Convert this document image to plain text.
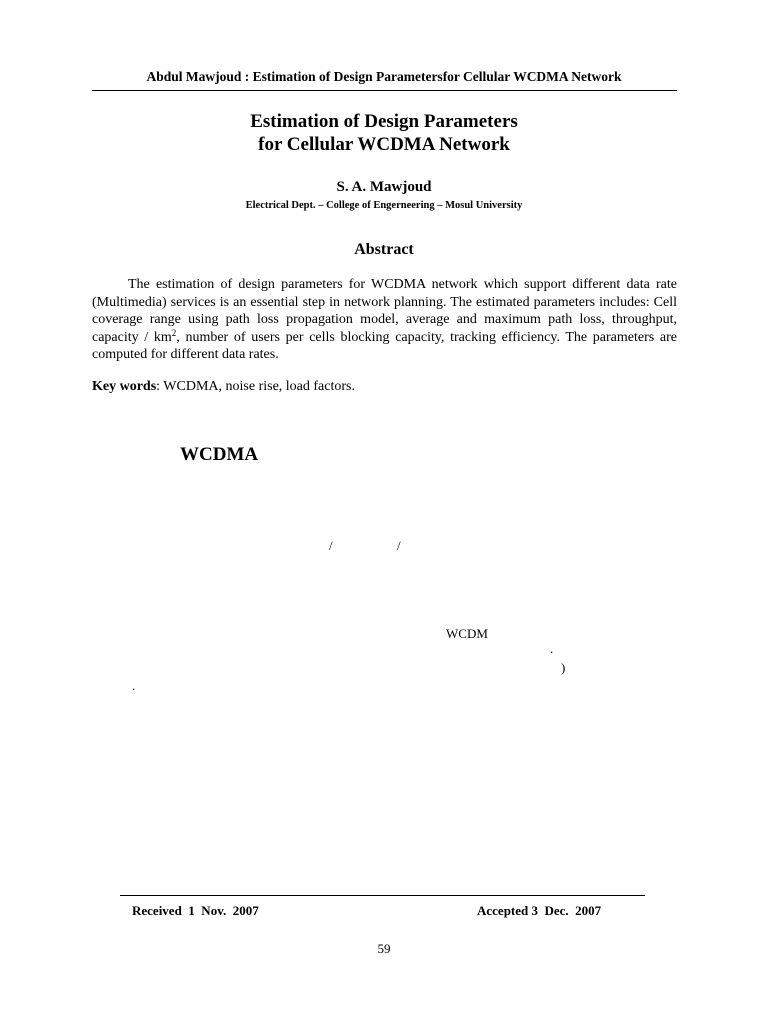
Abdul Mawjoud : Estimation of Design Parametersfor Cellular WCDMA Network
Estimation of Design Parameters
for Cellular WCDMA Network
S. A. Mawjoud
Electrical Dept. – College of Engerneering – Mosul University
Abstract
The estimation of design parameters for WCDMA network which support different data rate (Multimedia) services is an essential step in network planning. The estimated parameters includes: Cell coverage range using path loss propagation model, average and maximum path loss, throughput, capacity / $km^2$, number of users per cells blocking capacity, tracking efficiency. The parameters are computed for different data rates.
Key words: WCDMA, noise rise, load factors.
WCDMA
/	/
WCDM
.
)
.
Received  1  Nov.  2007	Accepted 3  Dec.  2007
59
